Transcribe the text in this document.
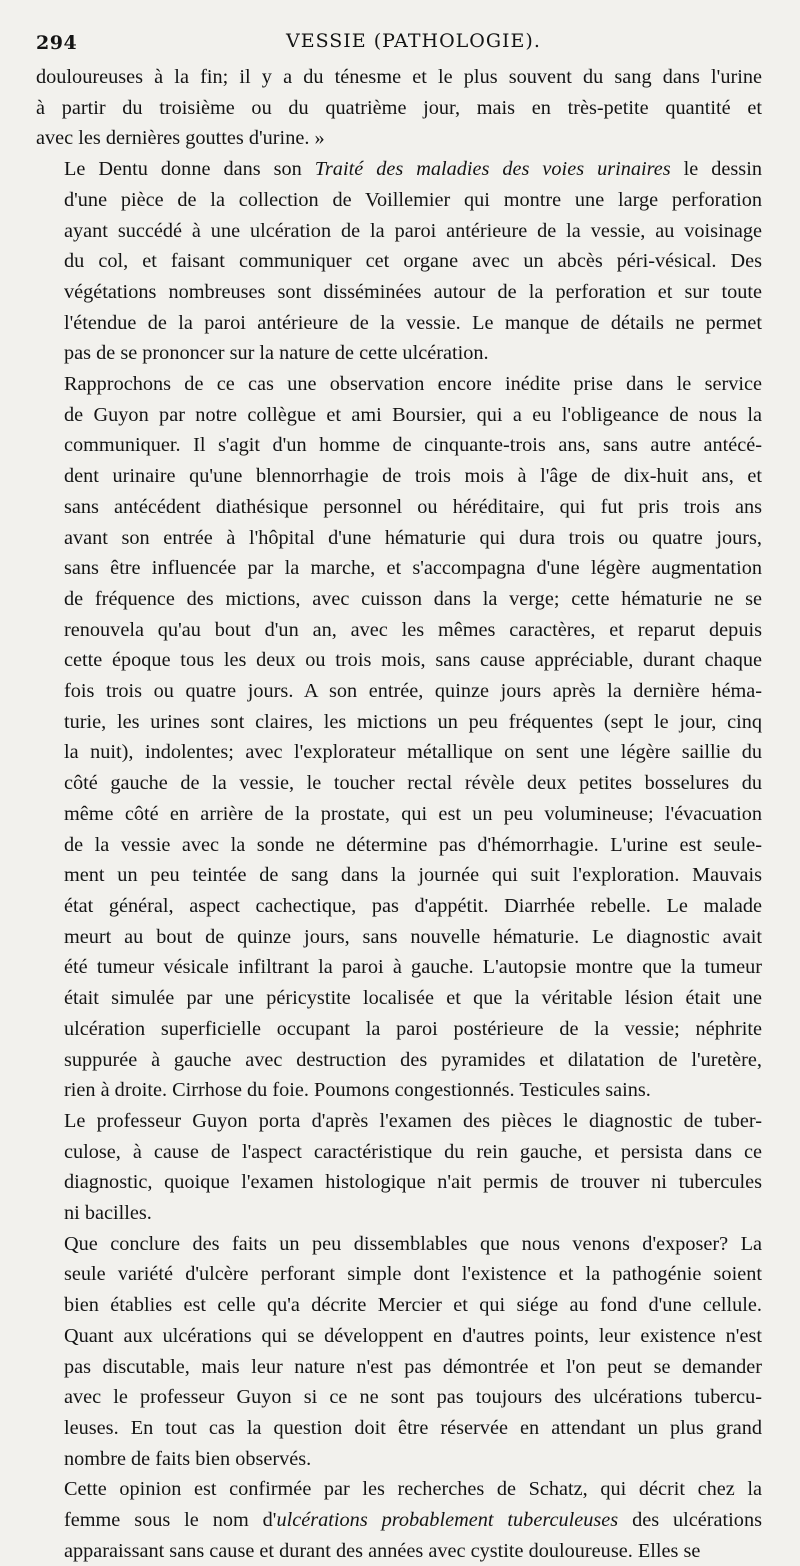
294	VESSIE (PATHOLOGIE).
douloureuses à la fin; il y a du ténesme et le plus souvent du sang dans l'urine
à partir du troisième ou du quatrième jour, mais en très-petite quantité et
avec les dernières gouttes d'urine. »
Le Dentu donne dans son Traité des maladies des voies urinaires le dessin
d'une pièce de la collection de Voillemier qui montre une large perforation
ayant succédé à une ulcération de la paroi antérieure de la vessie, au voisinage
du col, et faisant communiquer cet organe avec un abcès péri-vésical. Des
végétations nombreuses sont disséminées autour de la perforation et sur toute
l'étendue de la paroi antérieure de la vessie. Le manque de détails ne permet
pas de se prononcer sur la nature de cette ulcération.
Rapprochons de ce cas une observation encore inédite prise dans le service
de Guyon par notre collègue et ami Boursier, qui a eu l'obligeance de nous la
communiquer. Il s'agit d'un homme de cinquante-trois ans, sans autre antécé-
dent urinaire qu'une blennorrhagie de trois mois à l'âge de dix-huit ans, et
sans antécédent diathésique personnel ou héréditaire, qui fut pris trois ans
avant son entrée à l'hôpital d'une hématurie qui dura trois ou quatre jours,
sans être influencée par la marche, et s'accompagna d'une légère augmentation
de fréquence des mictions, avec cuisson dans la verge; cette hématurie ne se
renouvela qu'au bout d'un an, avec les mêmes caractères, et reparut depuis
cette époque tous les deux ou trois mois, sans cause appréciable, durant chaque
fois trois ou quatre jours. A son entrée, quinze jours après la dernière héma-
turie, les urines sont claires, les mictions un peu fréquentes (sept le jour, cinq
la nuit), indolentes; avec l'explorateur métallique on sent une légère saillie du
côté gauche de la vessie, le toucher rectal révèle deux petites bosselures du
même côté en arrière de la prostate, qui est un peu volumineuse; l'évacuation
de la vessie avec la sonde ne détermine pas d'hémorrhagie. L'urine est seule-
ment un peu teintée de sang dans la journée qui suit l'exploration. Mauvais
état général, aspect cachectique, pas d'appétit. Diarrhée rebelle. Le malade
meurt au bout de quinze jours, sans nouvelle hématurie. Le diagnostic avait
été tumeur vésicale infiltrant la paroi à gauche. L'autopsie montre que la tumeur
était simulée par une péricystite localisée et que la véritable lésion était une
ulcération superficielle occupant la paroi postérieure de la vessie; néphrite
suppurée à gauche avec destruction des pyramides et dilatation de l'uretère,
rien à droite. Cirrhose du foie. Poumons congestionnés. Testicules sains.
Le professeur Guyon porta d'après l'examen des pièces le diagnostic de tuber-
culose, à cause de l'aspect caractéristique du rein gauche, et persista dans ce
diagnostic, quoique l'examen histologique n'ait permis de trouver ni tubercules
ni bacilles.
Que conclure des faits un peu dissemblables que nous venons d'exposer? La
seule variété d'ulcère perforant simple dont l'existence et la pathogénie soient
bien établies est celle qu'a décrite Mercier et qui siége au fond d'une cellule.
Quant aux ulcérations qui se développent en d'autres points, leur existence n'est
pas discutable, mais leur nature n'est pas démontrée et l'on peut se demander
avec le professeur Guyon si ce ne sont pas toujours des ulcérations tubercu-
leuses. En tout cas la question doit être réservée en attendant un plus grand
nombre de faits bien observés.
Cette opinion est confirmée par les recherches de Schatz, qui décrit chez la
femme sous le nom d'ulcérations probablement tuberculeuses des ulcérations
apparaissant sans cause et durant des années avec cystite douloureuse. Elles se
